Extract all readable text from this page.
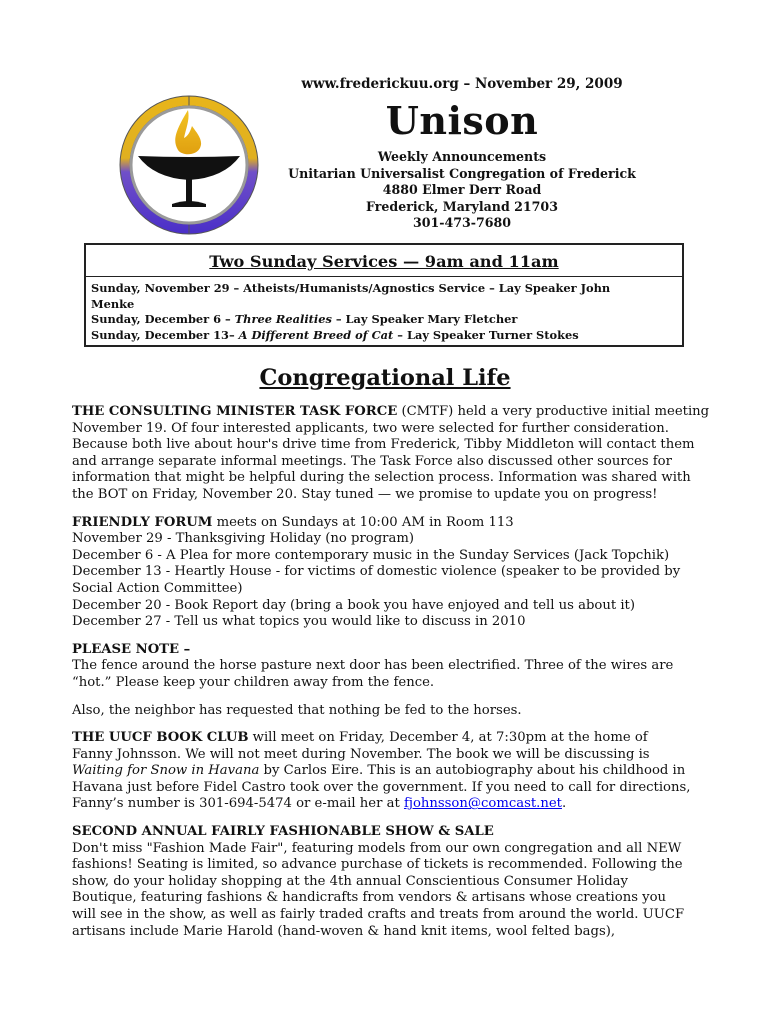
www.frederickuu.org – November 29, 2009
Unison
Weekly Announcements
Unitarian Universalist Congregation of Frederick
4880 Elmer Derr Road
Frederick, Maryland 21703
301-473-7680
Two Sunday Services — 9am and 11am
Sunday, November 29 – Atheists/Humanists/Agnostics Service – Lay Speaker John
Menke
Sunday, December 6 – Three Realities – Lay Speaker Mary Fletcher
Sunday, December 13– A Different Breed of Cat – Lay Speaker Turner Stokes
Congregational Life
THE CONSULTING MINISTER TASK FORCE (CMTF) held a very productive initial meeting
November 19. Of four interested applicants, two were selected for further consideration.
Because both live about hour's drive time from Frederick, Tibby Middleton will contact them
and arrange separate informal meetings. The Task Force also discussed other sources for
information that might be helpful during the selection process. Information was shared with
the BOT on Friday, November 20. Stay tuned — we promise to update you on progress!
FRIENDLY FORUM meets on Sundays at 10:00 AM in Room 113
November 29 - Thanksgiving Holiday (no program)
December 6 - A Plea for more contemporary music in the Sunday Services (Jack Topchik)
December 13 - Heartly House - for victims of domestic violence (speaker to be provided by
Social Action Committee)
December 20 - Book Report day (bring a book you have enjoyed and tell us about it)
December 27 - Tell us what topics you would like to discuss in 2010
PLEASE NOTE –
The fence around the horse pasture next door has been electrified. Three of the wires are
“hot.” Please keep your children away from the fence.
Also, the neighbor has requested that nothing be fed to the horses.
THE UUCF BOOK CLUB will meet on Friday, December 4, at 7:30pm at the home of
Fanny Johnsson. We will not meet during November. The book we will be discussing is
Waiting for Snow in Havana by Carlos Eire. This is an autobiography about his childhood in
Havana just before Fidel Castro took over the government. If you need to call for directions,
Fanny’s number is 301-694-5474 or e-mail her at fjohnsson@comcast.net.
SECOND ANNUAL FAIRLY FASHIONABLE SHOW & SALE
Don't miss "Fashion Made Fair", featuring models from our own congregation and all NEW
fashions! Seating is limited, so advance purchase of tickets is recommended. Following the
show, do your holiday shopping at the 4th annual Conscientious Consumer Holiday
Boutique, featuring fashions & handicrafts from vendors & artisans whose creations you
will see in the show, as well as fairly traded crafts and treats from around the world. UUCF
artisans include Marie Harold (hand-woven & hand knit items, wool felted bags),
